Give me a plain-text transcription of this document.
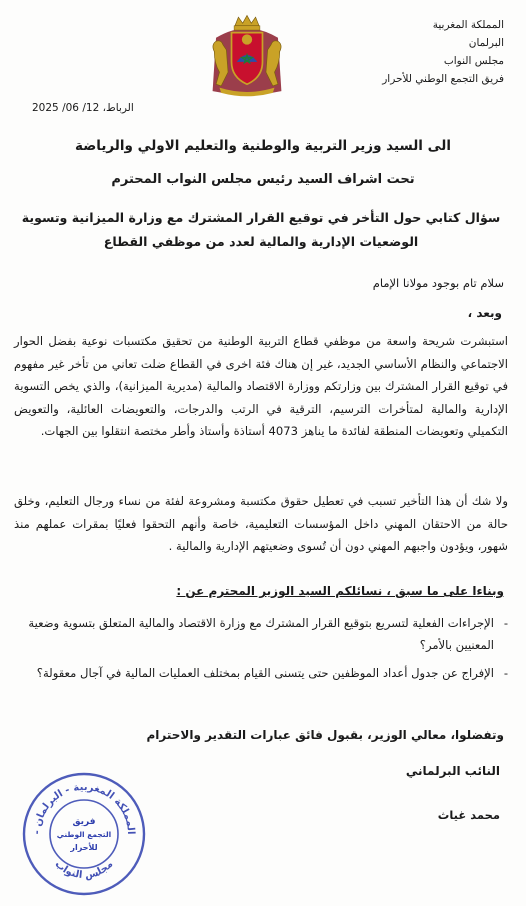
المملكة المغربية
البرلمان
مجلس النواب
فريق التجمع الوطني للأحرار
الرباط، 12/ 06/ 2025
الى السيد وزير التربية والوطنية والتعليم الاولي والرياضة
تحت اشراف السيد رئيس مجلس النواب المحترم
سؤال كتابي حول التأخر في توقيع القرار المشترك مع وزارة الميزانية وتسوية الوضعيات الإدارية والمالية لعدد من موظفي القطاع
سلام تام بوجود مولانا الإمام
وبعد ،

استبشرت شريحة واسعة من موظفي قطاع التربية الوطنية من تحقيق مكتسبات نوعية بفضل الحوار الاجتماعي والنظام الأساسي الجديد، غير إن هناك فئة اخرى في القطاع ضلت تعاني من تأخر غير مفهوم في توقيع القرار المشترك بين وزارتكم ووزارة الاقتصاد والمالية (مديرية الميزانية)، والذي يخص التسوية الإدارية والمالية لمتأخرات الترسيم، الترقية في الرتب والدرجات، والتعويضات العائلية، والتعويض التكميلي وتعويضات المنطقة لفائدة ما يناهز 4073 أستاذة وأستاذ وأطر مختصة انتقلوا بين الجهات.

ولا شك أن هذا التأخير تسبب في تعطيل حقوق مكتسبة ومشروعة لفئة من نساء ورجال التعليم، وخلق حالة من الاحتقان المهني داخل المؤسسات التعليمية، خاصة وأنهم التحقوا فعليًا بمقرات عملهم منذ شهور، ويؤدون واجبهم المهني دون أن تُسوى وضعيتهم الإدارية والمالية .

وبناءا على ما سبق ، نسائلكم السيد الوزير المحترم عن :
- الإجراءات الفعلية لتسريع بتوقيع القرار المشترك مع وزارة الاقتصاد والمالية المتعلق بتسوية وضعية المعنيين بالأمر؟
- الإفراج عن جدول أعداد الموظفين حتى يتسنى القيام بمختلف العمليات المالية في آجال معقولة؟
وتفضلوا، معالي الوزير، بقبول فائق عبارات التقدير والاحترام
النائب البرلماني
محمد غياث
المملكة المغربية - البرلمان -
مجلس النواب
فريق
التجمع الوطني
للأحرار
